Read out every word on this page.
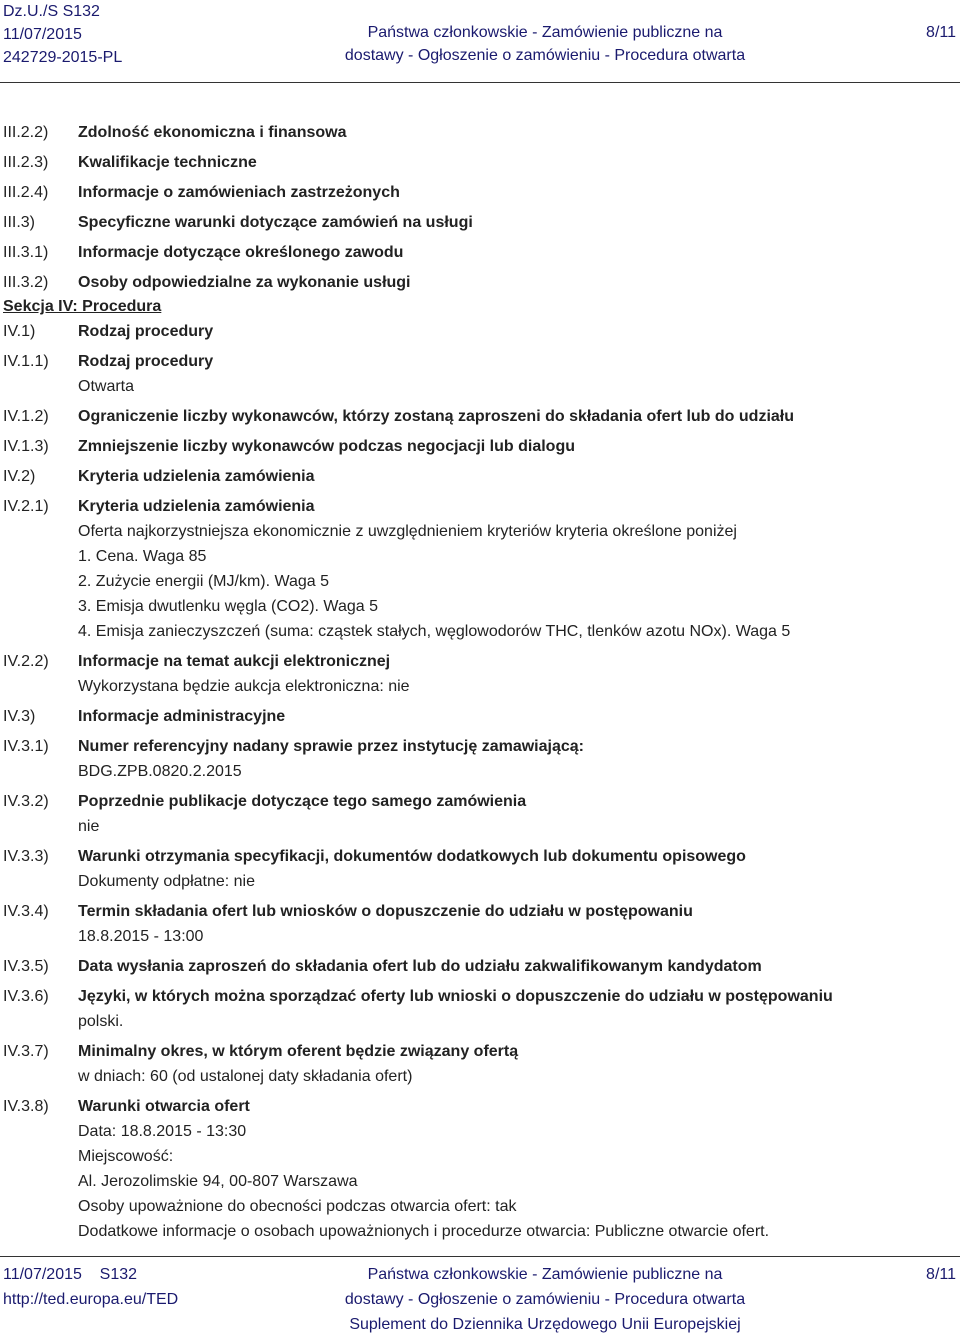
Dz.U./S S132
11/07/2015
242729-2015-PL
Państwa członkowskie - Zamówienie publiczne na
dostawy - Ogłoszenie o zamówieniu - Procedura otwarta
8/11
III.2.2) Zdolność ekonomiczna i finansowa
III.2.3) Kwalifikacje techniczne
III.2.4) Informacje o zamówieniach zastrzeżonych
III.3)	Specyficzne warunki dotyczące zamówień na usługi
III.3.1) Informacje dotyczące określonego zawodu
III.3.2) Osoby odpowiedzialne za wykonanie usługi
Sekcja IV: Procedura
IV.1)	Rodzaj procedury
IV.1.1) Rodzaj procedury
Otwarta
IV.1.2) Ograniczenie liczby wykonawców, którzy zostaną zaproszeni do składania ofert lub do udziału
IV.1.3) Zmniejszenie liczby wykonawców podczas negocjacji lub dialogu
IV.2)	Kryteria udzielenia zamówienia
IV.2.1) Kryteria udzielenia zamówienia
Oferta najkorzystniejsza ekonomicznie z uwzględnieniem kryteriów kryteria określone poniżej
1. Cena. Waga 85
2. Zużycie energii (MJ/km). Waga 5
3. Emisja dwutlenku węgla (CO2). Waga 5
4. Emisja zanieczyszczeń (suma: cząstek stałych, węglowodorów THC, tlenków azotu NOx). Waga 5
IV.2.2) Informacje na temat aukcji elektronicznej
Wykorzystana będzie aukcja elektroniczna: nie
IV.3)	Informacje administracyjne
IV.3.1) Numer referencyjny nadany sprawie przez instytucję zamawiającą:
BDG.ZPB.0820.2.2015
IV.3.2) Poprzednie publikacje dotyczące tego samego zamówienia
nie
IV.3.3) Warunki otrzymania specyfikacji, dokumentów dodatkowych lub dokumentu opisowego
Dokumenty odpłatne: nie
IV.3.4) Termin składania ofert lub wniosków o dopuszczenie do udziału w postępowaniu
18.8.2015 - 13:00
IV.3.5) Data wysłania zaproszeń do składania ofert lub do udziału zakwalifikowanym kandydatom
IV.3.6) Języki, w których można sporządzać oferty lub wnioski o dopuszczenie do udziału w postępowaniu
polski.
IV.3.7) Minimalny okres, w którym oferent będzie związany ofertą
w dniach: 60 (od ustalonej daty składania ofert)
IV.3.8) Warunki otwarcia ofert
Data: 18.8.2015 - 13:30
Miejscowość:
Al. Jerozolimskie 94, 00-807 Warszawa
Osoby upoważnione do obecności podczas otwarcia ofert: tak
Dodatkowe informacje o osobach upoważnionych i procedurze otwarcia: Publiczne otwarcie ofert.
11/07/2015    S132
http://ted.europa.eu/TED
Państwa członkowskie - Zamówienie publiczne na
dostawy - Ogłoszenie o zamówieniu - Procedura otwarta
Suplement do Dziennika Urzędowego Unii Europejskiej
8/11
